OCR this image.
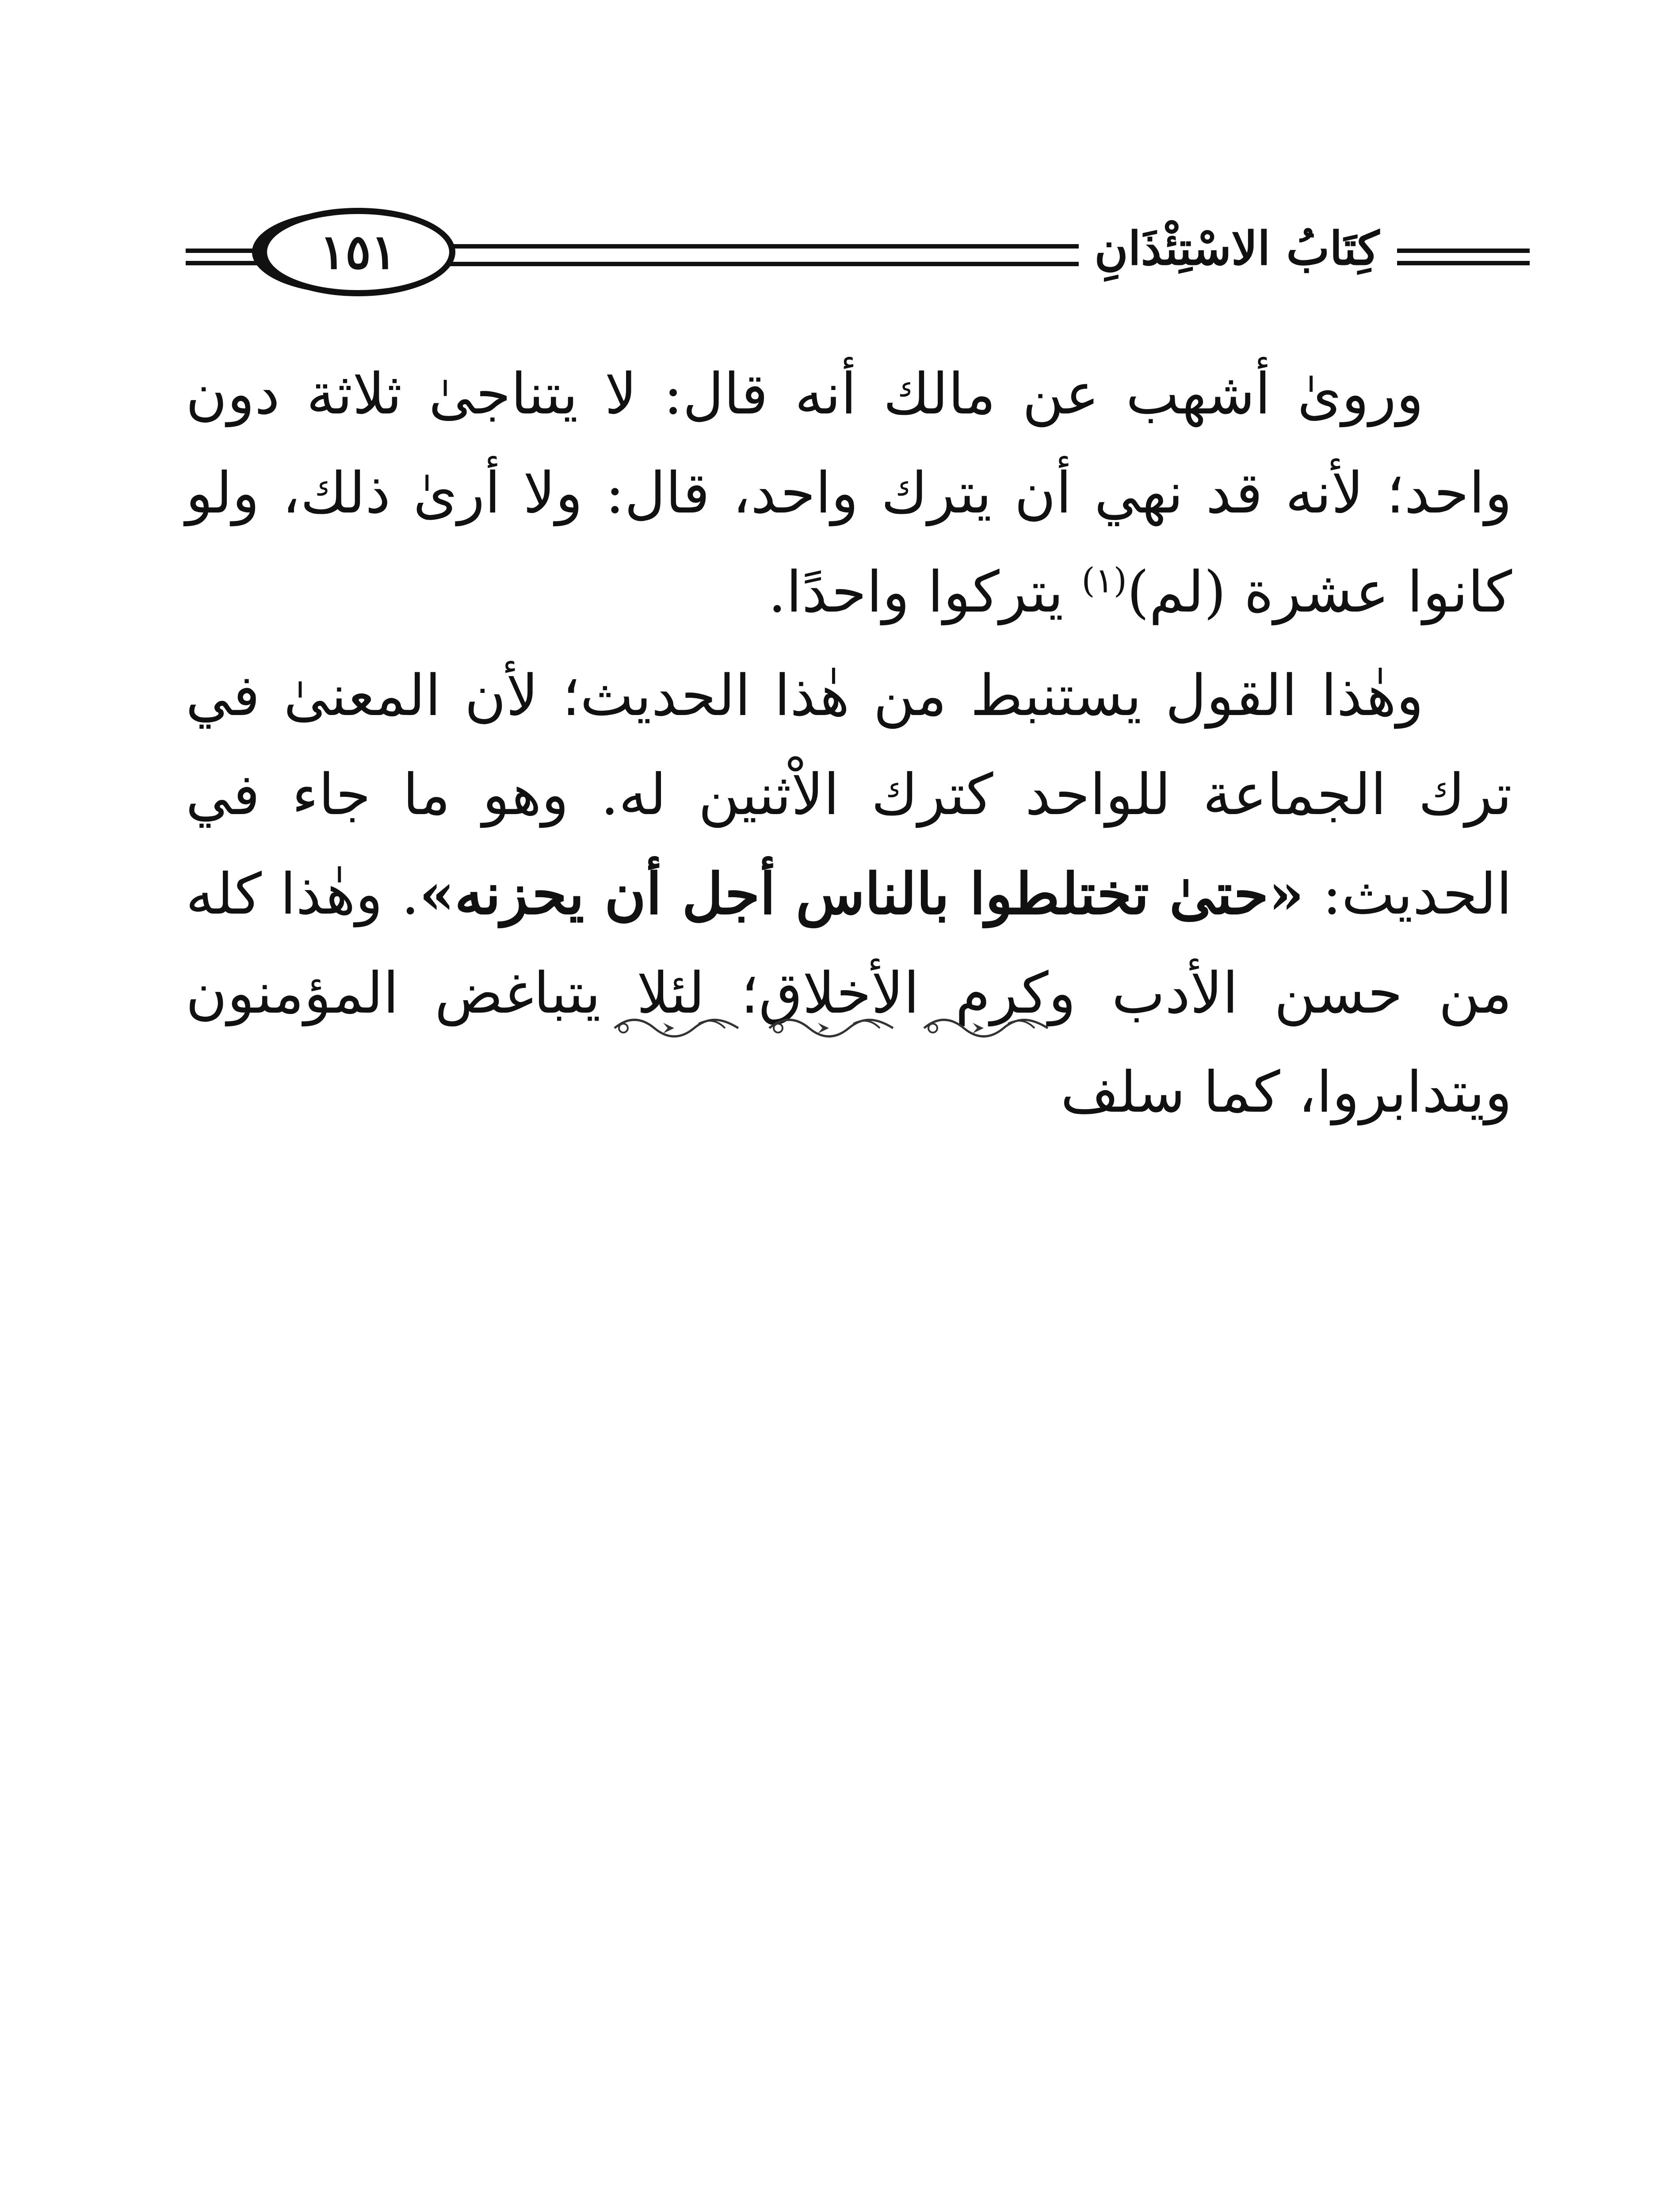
كِتَابُ الاسْتِئْذَانِ
١٥١

وروىٰ أشهب عن مالك أنه قال: لا يتناجىٰ ثلاثة دون واحد؛ لأنه قد نهي أن يترك واحد، قال: ولا أرىٰ ذلك، ولو كانوا عشرة (لم)$^{(١)}$ يتركوا واحدًا.

وهٰذا القول يستنبط من هٰذا الحديث؛ لأن المعنىٰ في ترك الجماعة للواحد كترك الاْثنين له. وهو ما جاء في الحديث: «حتىٰ تختلطوا بالناس أجل أن يحزنه». وهٰذا كله من حسن الأدب وكرم الأخلاق؛ لئلا يتباغض المؤمنون ويتدابروا، كما سلف
